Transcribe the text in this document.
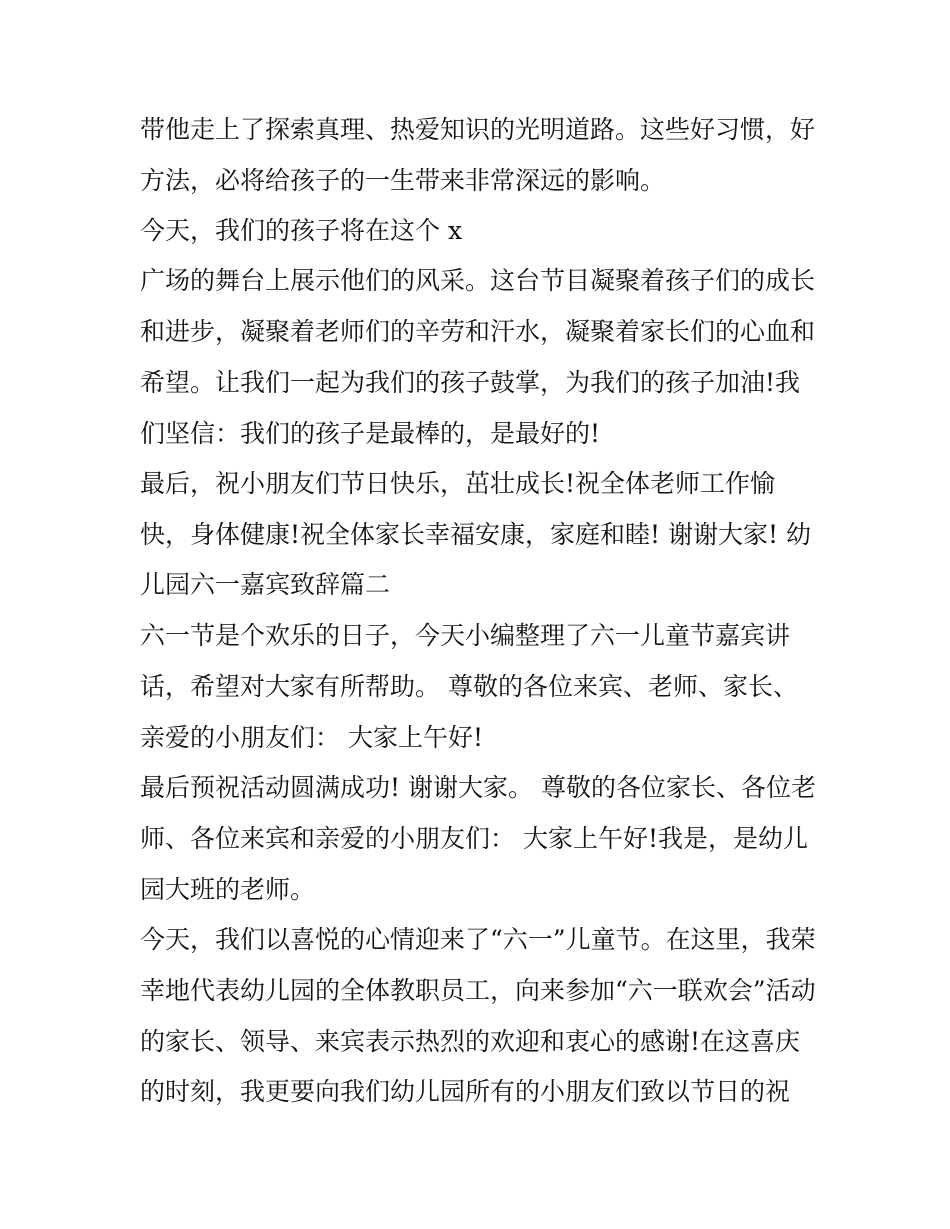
带他走上了探索真理、热爱知识的光明道路。这些好习惯，好

方法，必将给孩子的一生带来非常深远的影响。

今天，我们的孩子将在这个 x

广场的舞台上展示他们的风采。这台节目凝聚着孩子们的成长

和进步，凝聚着老师们的辛劳和汗水，凝聚着家长们的心血和

希望。让我们一起为我们的孩子鼓掌，为我们的孩子加油!我

们坚信：我们的孩子是最棒的，是最好的!

最后，祝小朋友们节日快乐，茁壮成长!祝全体老师工作愉

快，身体健康!祝全体家长幸福安康，家庭和睦! 谢谢大家! 幼

儿园六一嘉宾致辞篇二

六一节是个欢乐的日子，今天小编整理了六一儿童节嘉宾讲

话，希望对大家有所帮助。 尊敬的各位来宾、老师、家长、

亲爱的小朋友们： 大家上午好!

最后预祝活动圆满成功! 谢谢大家。 尊敬的各位家长、各位老

师、各位来宾和亲爱的小朋友们： 大家上午好!我是，是幼儿

园大班的老师。

今天，我们以喜悦的心情迎来了“六一”儿童节。在这里，我荣

幸地代表幼儿园的全体教职员工，向来参加“六一联欢会”活动

的家长、领导、来宾表示热烈的欢迎和衷心的感谢!在这喜庆

的时刻，我更要向我们幼儿园所有的小朋友们致以节日的祝
